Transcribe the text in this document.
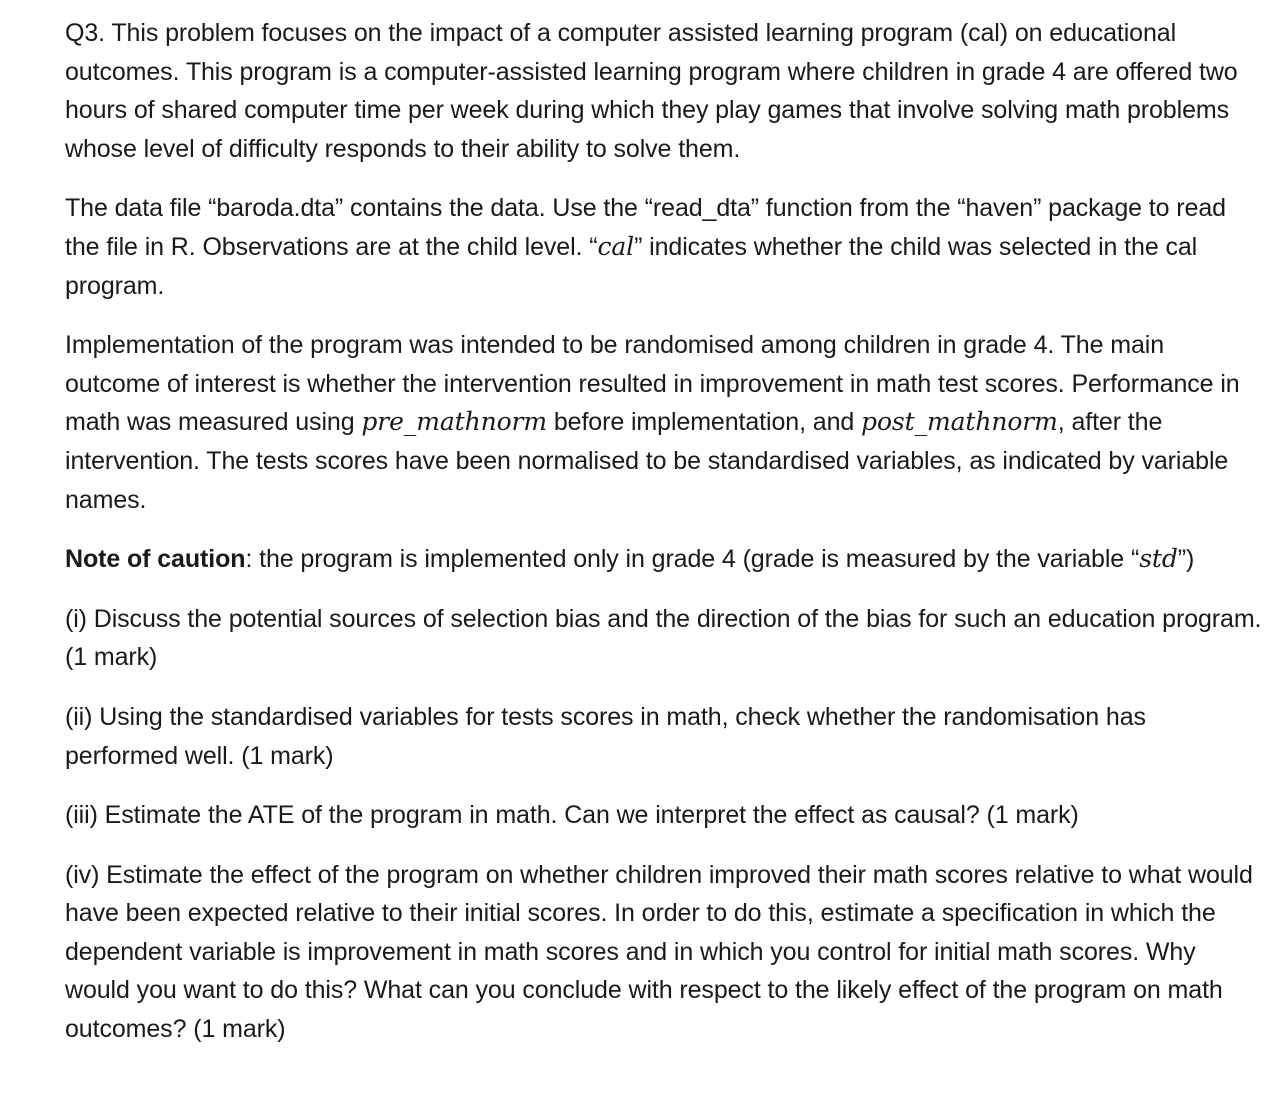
Q3. This problem focuses on the impact of a computer assisted learning program (cal) on educational outcomes. This program is a computer-assisted learning program where children in grade 4 are offered two hours of shared computer time per week during which they play games that involve solving math problems whose level of difficulty responds to their ability to solve them.

The data file “baroda.dta” contains the data. Use the “read_dta” function from the “haven” package to read the file in R. Observations are at the child level. “cal” indicates whether the child was selected in the cal program.

Implementation of the program was intended to be randomised among children in grade 4. The main outcome of interest is whether the intervention resulted in improvement in math test scores. Performance in math was measured using pre_mathnorm before implementation, and post_mathnorm, after the intervention. The tests scores have been normalised to be standardised variables, as indicated by variable names.

Note of caution: the program is implemented only in grade 4 (grade is measured by the variable “std”)

(i) Discuss the potential sources of selection bias and the direction of the bias for such an education program. (1 mark)

(ii) Using the standardised variables for tests scores in math, check whether the randomisation has performed well. (1 mark)

(iii) Estimate the ATE of the program in math. Can we interpret the effect as causal? (1 mark)

(iv) Estimate the effect of the program on whether children improved their math scores relative to what would have been expected relative to their initial scores. In order to do this, estimate a specification in which the dependent variable is improvement in math scores and in which you control for initial math scores. Why would you want to do this? What can you conclude with respect to the likely effect of the program on math outcomes? (1 mark)
